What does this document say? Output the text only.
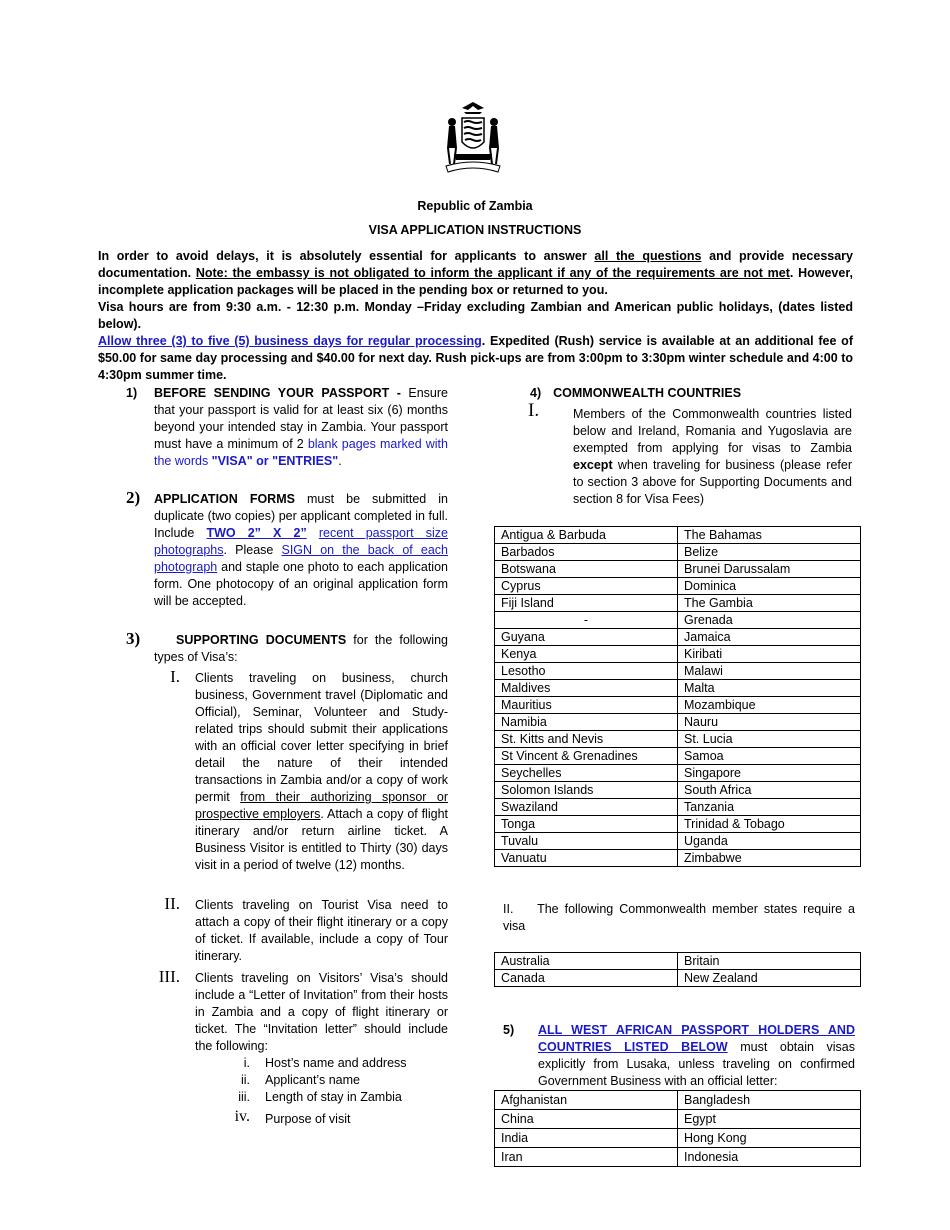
Republic of Zambia
VISA APPLICATION INSTRUCTIONS

In order to avoid delays, it is absolutely essential for applicants to answer all the questions and provide necessary documentation. Note: the embassy is not obligated to inform the applicant if any of the requirements are not met. However, incomplete application packages will be placed in the pending box or returned to you.

Visa hours are from 9:30 a.m. - 12:30 p.m. Monday –Friday excluding Zambian and American public holidays, (dates listed below).

Allow three (3) to five (5) business days for regular processing. Expedited (Rush) service is available at an additional fee of $50.00 for same day processing and $40.00 for next day. Rush pick-ups are from 3:00pm to 3:30pm winter schedule and 4:00 to 4:30pm summer time.

1) BEFORE SENDING YOUR PASSPORT - Ensure that your passport is valid for at least six (6) months beyond your intended stay in Zambia. Your passport must have a minimum of 2 blank pages marked with the words "VISA" or "ENTRIES".

2) APPLICATION FORMS must be submitted in duplicate (two copies) per applicant completed in full. Include TWO 2” X 2” recent passport size photographs. Please SIGN on the back of each photograph and staple one photo to each application form. One photocopy of an original application form will be accepted.

3)	SUPPORTING DOCUMENTS for the following types of Visa’s:

I. Clients traveling on business, church business, Government travel (Diplomatic and Official), Seminar, Volunteer and Study-related trips should submit their applications with an official cover letter specifying in brief detail the nature of their intended transactions in Zambia and/or a copy of work permit from their authorizing sponsor or prospective employers. Attach a copy of flight itinerary and/or return airline ticket. A Business Visitor is entitled to Thirty (30) days visit in a period of twelve (12) months.

II. Clients traveling on Tourist Visa need to attach a copy of their flight itinerary or a copy of ticket. If available, include a copy of Tour itinerary.

III. Clients traveling on Visitors’ Visa’s should include a “Letter of Invitation” from their hosts in Zambia and a copy of flight itinerary or ticket. The “Invitation letter” should include the following:

i. Host’s name and address
ii. Applicant’s name
iii. Length of stay in Zambia
iv. Purpose of visit
4) COMMONWEALTH COUNTRIES
I.	Members of the Commonwealth countries listed below and Ireland, Romania and Yugoslavia are exempted from applying for visas to Zambia except when traveling for business (please refer to section 3 above for Supporting Documents and section 8 for Visa Fees)

Antigua & Barbuda	The Bahamas
Barbados	Belize
Botswana	Brunei Darussalam
Cyprus	Dominica
Fiji Island	The Gambia
-	Grenada
Guyana	Jamaica
Kenya	Kiribati
Lesotho	Malawi
Maldives	Malta
Mauritius	Mozambique
Namibia	Nauru
St. Kitts and Nevis	St. Lucia
St Vincent & Grenadines	Samoa
Seychelles	Singapore
Solomon Islands	South Africa
Swaziland	Tanzania
Tonga	Trinidad & Tobago
Tuvalu	Uganda
Vanuatu	Zimbabwe

II. The following Commonwealth member states require a visa

Australia	Britain
Canada	New Zealand
5) ALL WEST AFRICAN PASSPORT HOLDERS AND COUNTRIES LISTED BELOW must obtain visas explicitly from Lusaka, unless traveling on confirmed Government Business with an official letter:

Afghanistan	Bangladesh
China	Egypt
India	Hong Kong
Iran	Indonesia
